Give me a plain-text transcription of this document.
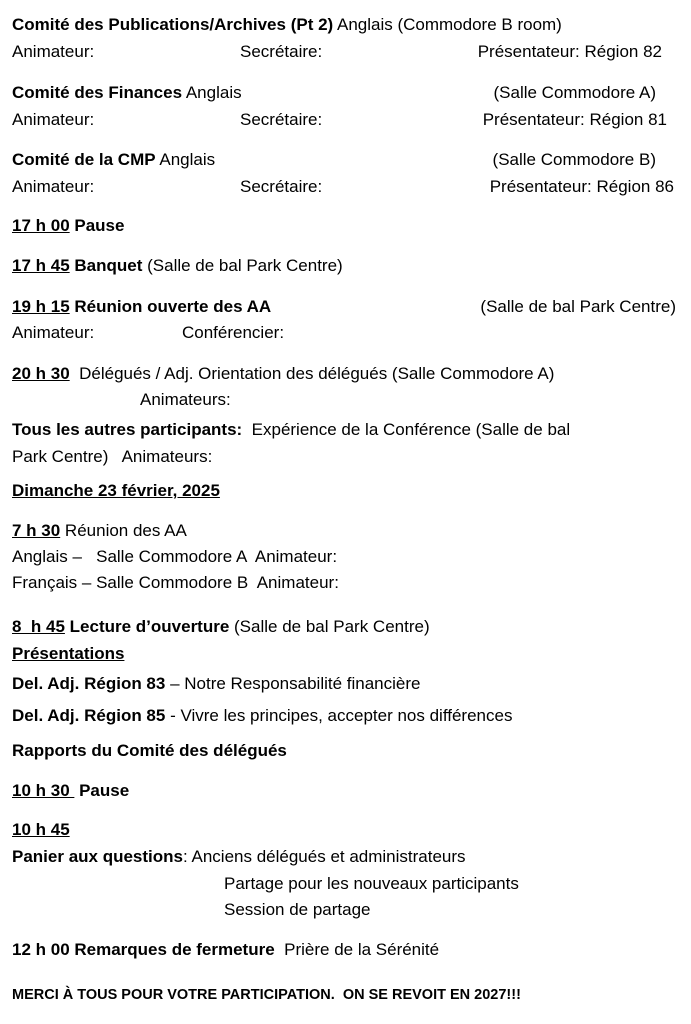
Comité des Publications/Archives (Pt 2) Anglais (Commodore B room)
Animateur:	Secrétaire:	Présentateur: Région 82
Comité des Finances Anglais	(Salle Commodore A)
Animateur:	Secrétaire:	Présentateur: Région 81
Comité de la CMP Anglais	(Salle Commodore B)
Animateur:	Secrétaire:	Présentateur: Région 86
17 h 00 Pause
17 h 45 Banquet (Salle de bal Park Centre)
19 h 15 Réunion ouverte des AA	(Salle de bal Park Centre)
Animateur:	Conférencier:
20 h 30  Délégués / Adj. Orientation des délégués (Salle Commodore A)
Animateurs:
Tous les autres participants:  Expérience de la Conférence (Salle de bal
Park Centre)   Animateurs:
Dimanche 23 février, 2025
7 h 30 Réunion des AA
Anglais –   Salle Commodore A  Animateur:
Français – Salle Commodore B  Animateur:
8  h 45 Lecture d’ouverture (Salle de bal Park Centre)
Présentations
Del. Adj. Région 83 – Notre Responsabilité financière
Del. Adj. Région 85 - Vivre les principes, accepter nos différences
Rapports du Comité des délégués
10 h 30  Pause
10 h 45
Panier aux questions: Anciens délégués et administrateurs
Partage pour les nouveaux participants
Session de partage
12 h 00 Remarques de fermeture  Prière de la Sérénité
MERCI À TOUS POUR VOTRE PARTICIPATION.  ON SE REVOIT EN 2027!!!
